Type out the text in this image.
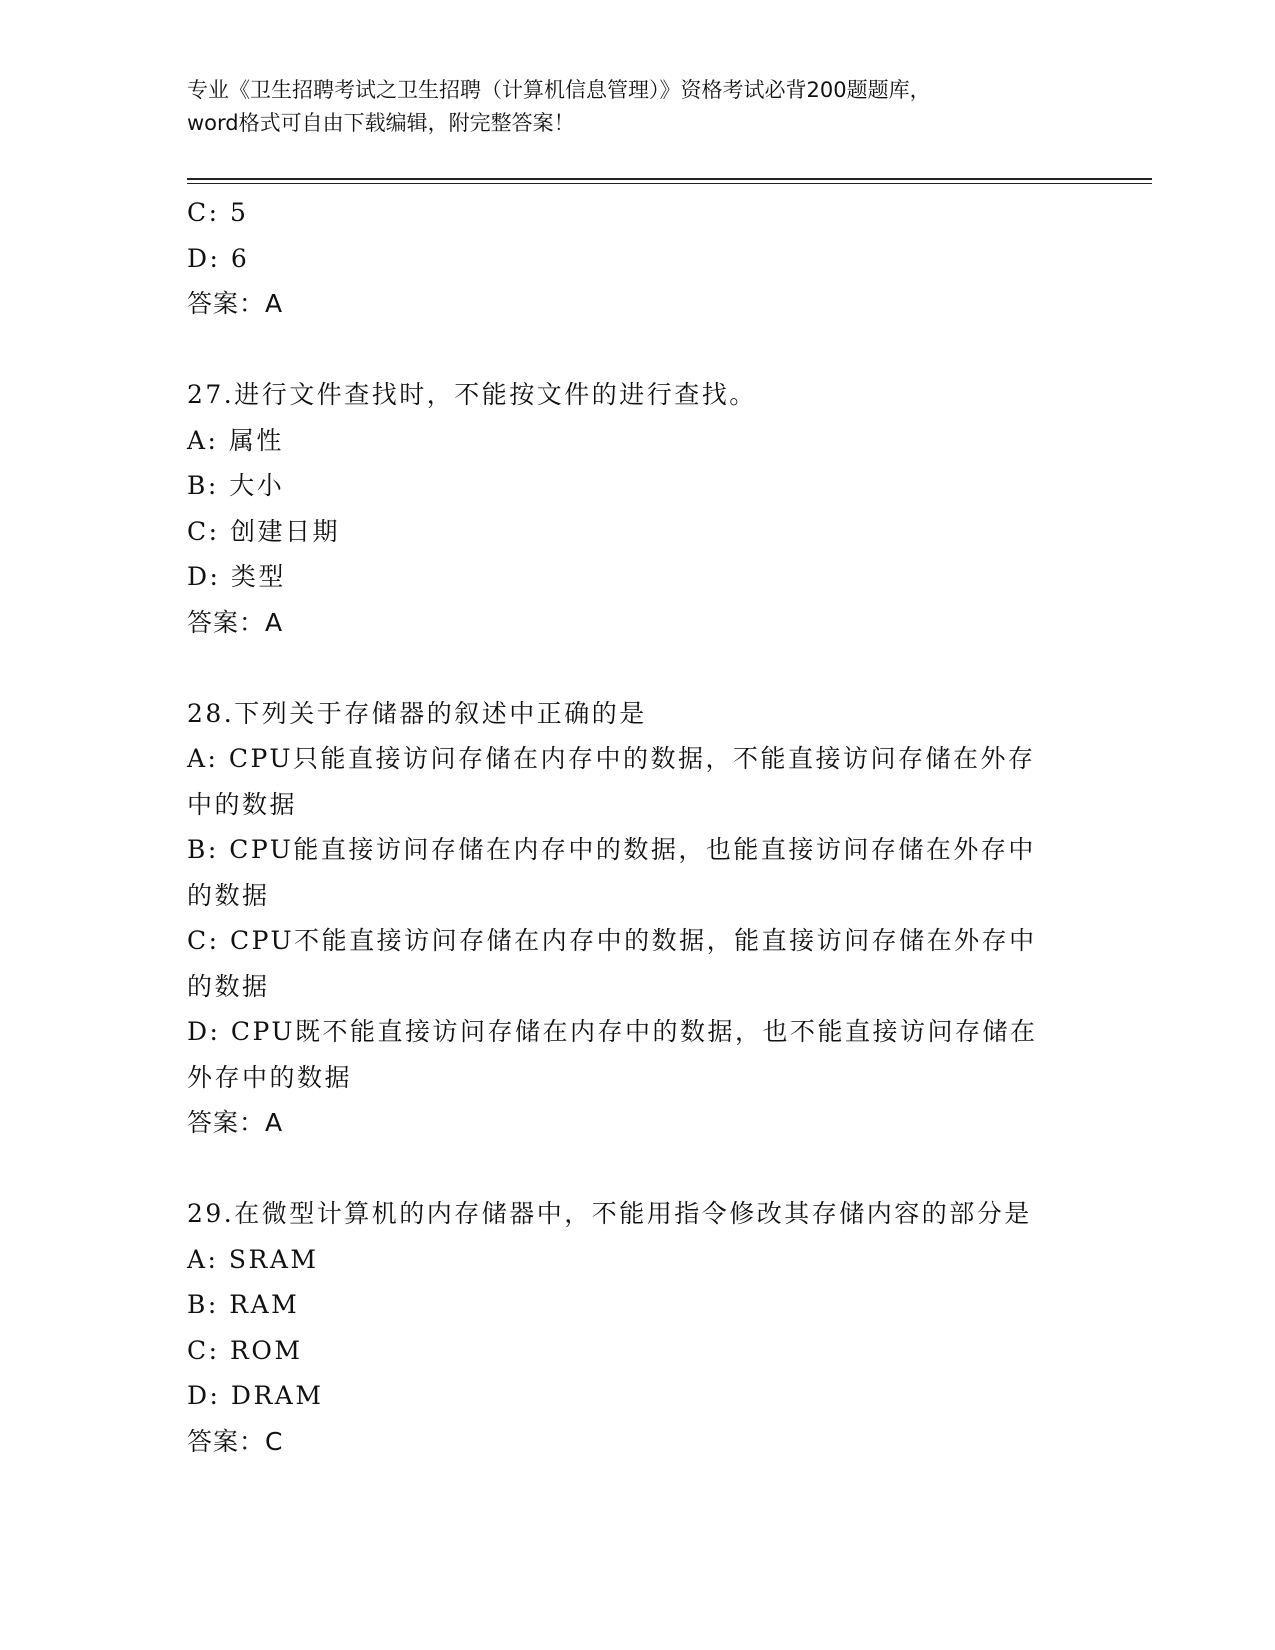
专业《卫生招聘考试之卫生招聘（计算机信息管理）》资格考试必背200题题库，
word格式可自由下载编辑，附完整答案！
C: 5
D: 6
答案：A
27.进行文件查找时，不能按文件的进行查找。
A: 属性
B: 大小
C: 创建日期
D: 类型
答案：A
28.下列关于存储器的叙述中正确的是
A: CPU只能直接访问存储在内存中的数据，不能直接访问存储在外存
中的数据
B: CPU能直接访问存储在内存中的数据，也能直接访问存储在外存中
的数据
C: CPU不能直接访问存储在内存中的数据，能直接访问存储在外存中
的数据
D: CPU既不能直接访问存储在内存中的数据，也不能直接访问存储在
外存中的数据
答案：A
29.在微型计算机的内存储器中，不能用指令修改其存储内容的部分是
A: SRAM
B: RAM
C: ROM
D: DRAM
答案：C
